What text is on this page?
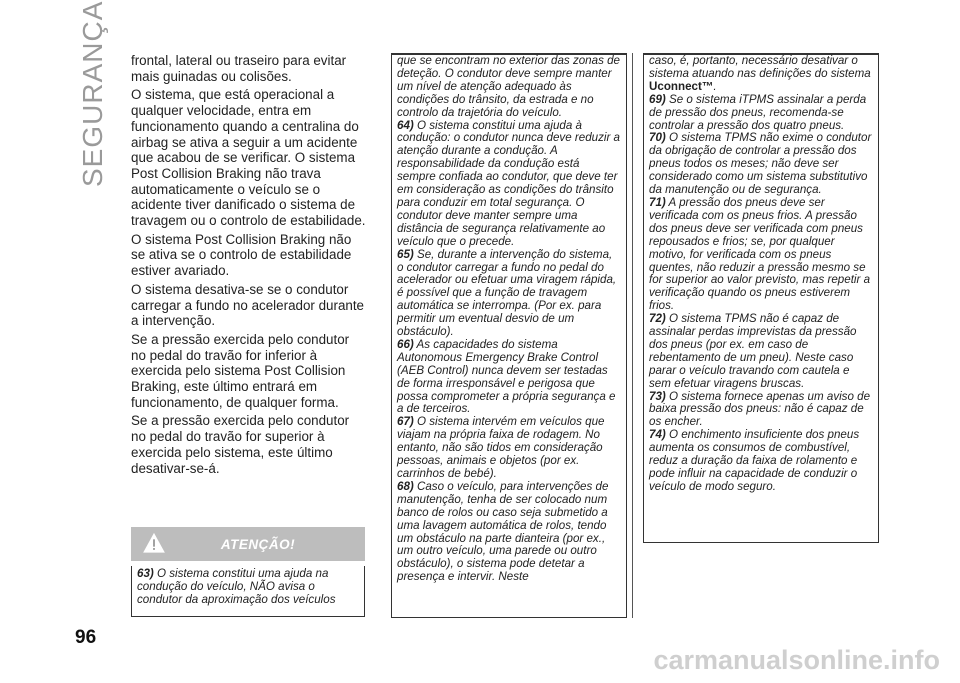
SEGURANÇA
96

frontal, lateral ou traseiro para evitar mais guinadas ou colisões.

O sistema, que está operacional a qualquer velocidade, entra em funcionamento quando a centralina do airbag se ativa a seguir a um acidente que acabou de se verificar. O sistema Post Collision Braking não trava automaticamente o veículo se o acidente tiver danificado o sistema de travagem ou o controlo de estabilidade.

O sistema Post Collision Braking não se ativa se o controlo de estabilidade estiver avariado.

O sistema desativa-se se o condutor carregar a fundo no acelerador durante a intervenção.

Se a pressão exercida pelo condutor no pedal do travão for inferior à exercida pelo sistema Post Collision Braking, este último entrará em funcionamento, de qualquer forma.

Se a pressão exercida pelo condutor no pedal do travão for superior à exercida pelo sistema, este último desativar-se-á.

ATENÇÃO!

63) O sistema constitui uma ajuda na condução do veículo, NÃO avisa o condutor da aproximação dos veículos

que se encontram no exterior das zonas de deteção. O condutor deve sempre manter um nível de atenção adequado às condições do trânsito, da estrada e no controlo da trajetória do veículo.

64) O sistema constitui uma ajuda à condução: o condutor nunca deve reduzir a atenção durante a condução. A responsabilidade da condução está sempre confiada ao condutor, que deve ter em consideração as condições do trânsito para conduzir em total segurança. O condutor deve manter sempre uma distância de segurança relativamente ao veículo que o precede.

65) Se, durante a intervenção do sistema, o condutor carregar a fundo no pedal do acelerador ou efetuar uma viragem rápida, é possível que a função de travagem automática se interrompa. (Por ex. para permitir um eventual desvio de um obstáculo).

66) As capacidades do sistema Autonomous Emergency Brake Control (AEB Control) nunca devem ser testadas de forma irresponsável e perigosa que possa comprometer a própria segurança e a de terceiros.

67) O sistema intervém em veículos que viajam na própria faixa de rodagem. No entanto, não são tidos em consideração pessoas, animais e objetos (por ex. carrinhos de bebé).

68) Caso o veículo, para intervenções de manutenção, tenha de ser colocado num banco de rolos ou caso seja submetido a uma lavagem automática de rolos, tendo um obstáculo na parte dianteira (por ex., um outro veículo, uma parede ou outro obstáculo), o sistema pode detetar a presença e intervir. Neste

caso, é, portanto, necessário desativar o sistema atuando nas definições do sistema Uconnect™.

69) Se o sistema iTPMS assinalar a perda de pressão dos pneus, recomenda-se controlar a pressão dos quatro pneus.

70) O sistema TPMS não exime o condutor da obrigação de controlar a pressão dos pneus todos os meses; não deve ser considerado como um sistema substitutivo da manutenção ou de segurança.

71) A pressão dos pneus deve ser verificada com os pneus frios. A pressão dos pneus deve ser verificada com pneus repousados e frios; se, por qualquer motivo, for verificada com os pneus quentes, não reduzir a pressão mesmo se for superior ao valor previsto, mas repetir a verificação quando os pneus estiverem frios.

72) O sistema TPMS não é capaz de assinalar perdas imprevistas da pressão dos pneus (por ex. em caso de rebentamento de um pneu). Neste caso parar o veículo travando com cautela e sem efetuar viragens bruscas.

73) O sistema fornece apenas um aviso de baixa pressão dos pneus: não é capaz de os encher.

74) O enchimento insuficiente dos pneus aumenta os consumos de combustível, reduz a duração da faixa de rolamento e pode influir na capacidade de conduzir o veículo de modo seguro.

carmanualsonline.info
